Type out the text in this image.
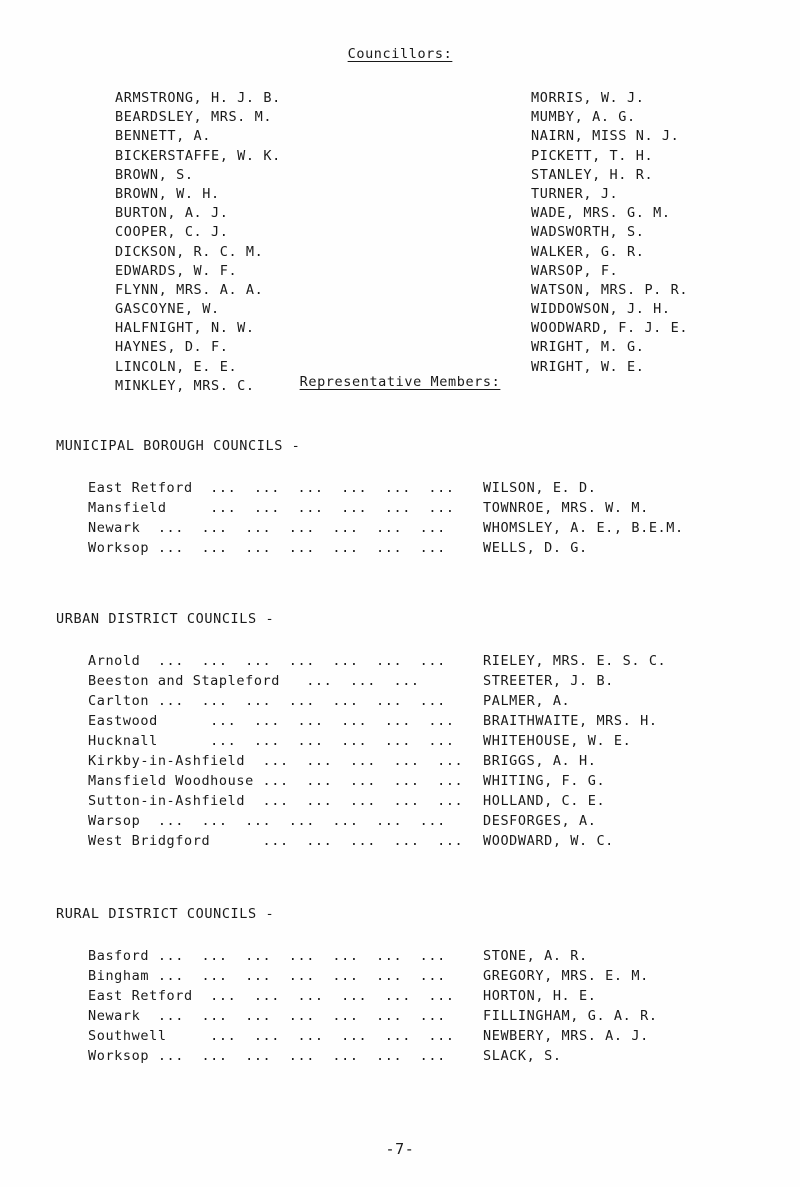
Councillors:
ARMSTRONG, H. J. B.
BEARDSLEY, MRS. M.
BENNETT, A.
BICKERSTAFFE, W. K.
BROWN, S.
BROWN, W. H.
BURTON, A. J.
COOPER, C. J.
DICKSON, R. C. M.
EDWARDS, W. F.
FLYNN, MRS. A. A.
GASCOYNE, W.
HALFNIGHT, N. W.
HAYNES, D. F.
LINCOLN, E. E.
MINKLEY, MRS. C.
MORRIS, W. J.
MUMBY, A. G.
NAIRN, MISS N. J.
PICKETT, T. H.
STANLEY, H. R.
TURNER, J.
WADE, MRS. G. M.
WADSWORTH, S.
WALKER, G. R.
WARSOP, F.
WATSON, MRS. P. R.
WIDDOWSON, J. H.
WOODWARD, F. J. E.
WRIGHT, M. G.
WRIGHT, W. E.
Representative Members:
MUNICIPAL BOROUGH COUNCILS -
East Retford  ...  ...  ...  ...  ...  ...	WILSON, E. D.
Mansfield     ...  ...  ...  ...  ...  ...	TOWNROE, MRS. W. M.
Newark  ...  ...  ...  ...  ...  ...  ...	WHOMSLEY, A. E., B.E.M.
Worksop ...  ...  ...  ...  ...  ...  ...	WELLS, D. G.
URBAN DISTRICT COUNCILS -
Arnold  ...  ...  ...  ...  ...  ...  ...	RIELEY, MRS. E. S. C.
Beeston and Stapleford   ...  ...  ...	STREETER, J. B.
Carlton ...  ...  ...  ...  ...  ...  ...	PALMER, A.
Eastwood      ...  ...  ...  ...  ...  ...	BRAITHWAITE, MRS. H.
Hucknall      ...  ...  ...  ...  ...  ...	WHITEHOUSE, W. E.
Kirkby-in-Ashfield  ...  ...  ...  ...  ...	BRIGGS, A. H.
Mansfield Woodhouse ...  ...  ...  ...  ...	WHITING, F. G.
Sutton-in-Ashfield  ...  ...  ...  ...  ...	HOLLAND, C. E.
Warsop  ...  ...  ...  ...  ...  ...  ...	DESFORGES, A.
West Bridgford      ...  ...  ...  ...  ...	WOODWARD, W. C.
RURAL DISTRICT COUNCILS -
Basford ...  ...  ...  ...  ...  ...  ...	STONE, A. R.
Bingham ...  ...  ...  ...  ...  ...  ...	GREGORY, MRS. E. M.
East Retford  ...  ...  ...  ...  ...  ...	HORTON, H. E.
Newark  ...  ...  ...  ...  ...  ...  ...	FILLINGHAM, G. A. R.
Southwell     ...  ...  ...  ...  ...  ...	NEWBERY, MRS. A. J.
Worksop ...  ...  ...  ...  ...  ...  ...	SLACK, S.
-7-
